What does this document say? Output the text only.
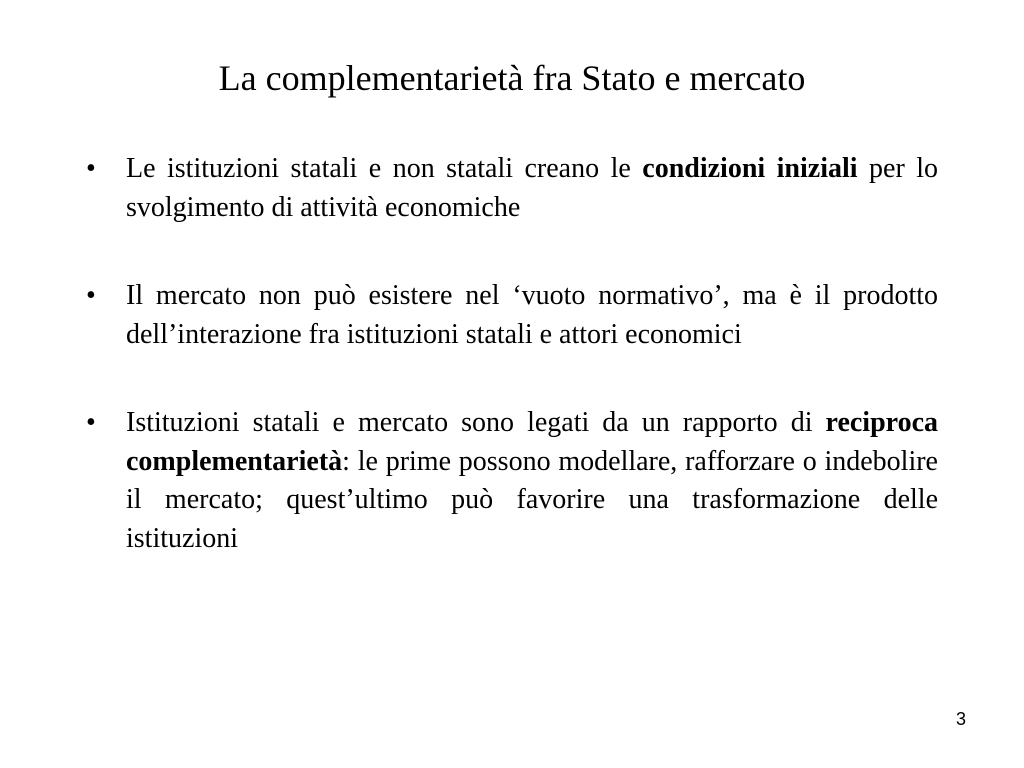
La complementarietà fra Stato e mercato
•	Le istituzioni statali e non statali creano le condizioni iniziali per lo svolgimento di attività economiche
•	Il mercato non può esistere nel ‘vuoto normativo’, ma è il prodotto dell’interazione fra istituzioni statali e attori economici
•	Istituzioni statali e mercato sono legati da un rapporto di reciproca complementarietà: le prime possono modellare, rafforzare o indebolire il mercato; quest’ultimo può favorire una trasformazione delle istituzioni
3
